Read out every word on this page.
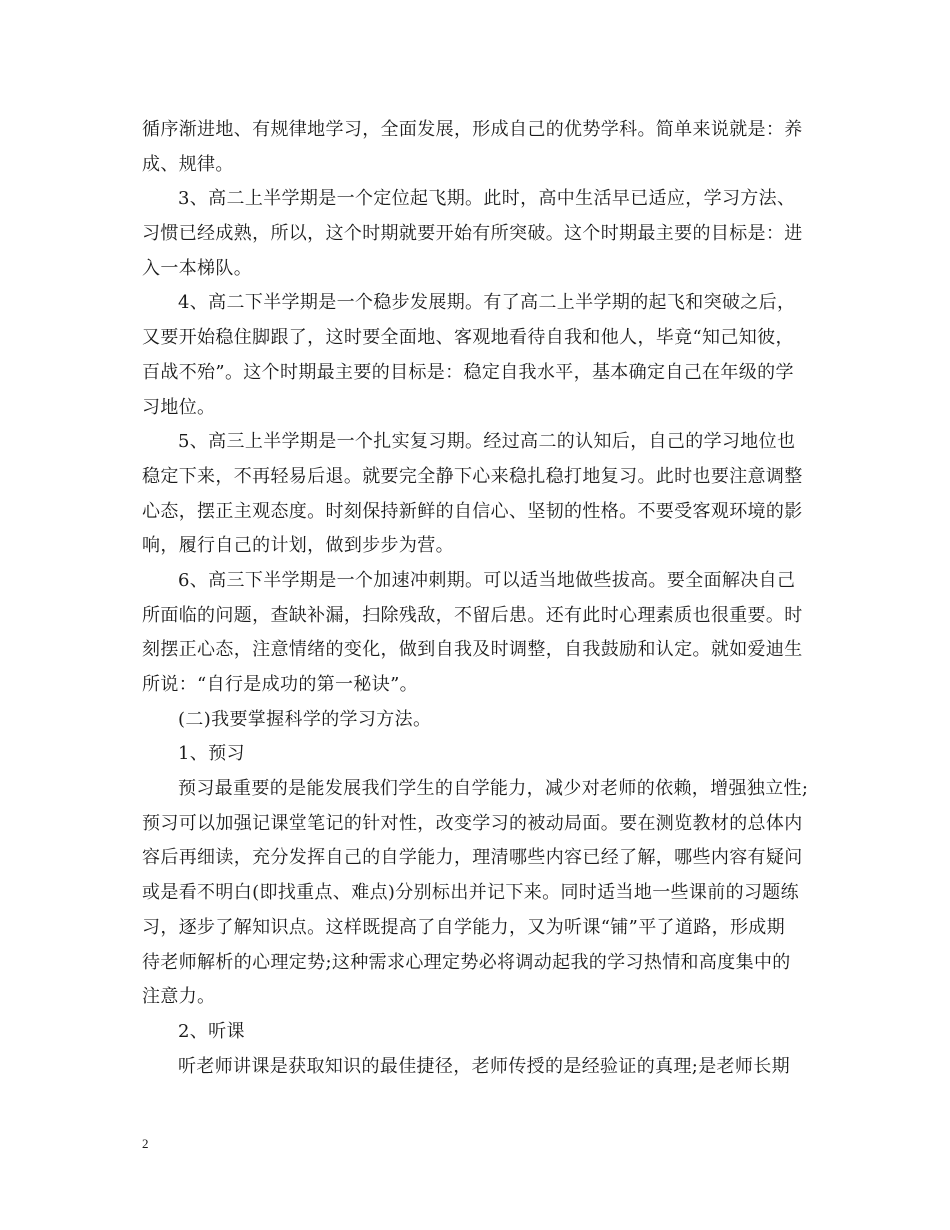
循序渐进地、有规律地学习，全面发展，形成自己的优势学科。简单来说就是：养
成、规律。
3、高二上半学期是一个定位起飞期。此时，高中生活早已适应，学习方法、
习惯已经成熟，所以，这个时期就要开始有所突破。这个时期最主要的目标是：进
入一本梯队。
4、高二下半学期是一个稳步发展期。有了高二上半学期的起飞和突破之后，
又要开始稳住脚跟了，这时要全面地、客观地看待自我和他人，毕竟“知己知彼，
百战不殆”。这个时期最主要的目标是：稳定自我水平，基本确定自己在年级的学
习地位。
5、高三上半学期是一个扎实复习期。经过高二的认知后，自己的学习地位也
稳定下来，不再轻易后退。就要完全静下心来稳扎稳打地复习。此时也要注意调整
心态，摆正主观态度。时刻保持新鲜的自信心、坚韧的性格。不要受客观环境的影
响，履行自己的计划，做到步步为营。
6、高三下半学期是一个加速冲刺期。可以适当地做些拔高。要全面解决自己
所面临的问题，查缺补漏，扫除残敌，不留后患。还有此时心理素质也很重要。时
刻摆正心态，注意情绪的变化，做到自我及时调整，自我鼓励和认定。就如爱迪生
所说：“自行是成功的第一秘诀”。
(二)我要掌握科学的学习方法。
1、预习
预习最重要的是能发展我们学生的自学能力，减少对老师的依赖，增强独立性;
预习可以加强记课堂笔记的针对性，改变学习的被动局面。要在测览教材的总体内
容后再细读，充分发挥自己的自学能力，理清哪些内容已经了解，哪些内容有疑问
或是看不明白(即找重点、难点)分别标出并记下来。同时适当地一些课前的习题练
习，逐步了解知识点。这样既提高了自学能力，又为听课“铺”平了道路，形成期
待老师解析的心理定势;这种需求心理定势必将调动起我的学习热情和高度集中的
注意力。
2、听课
听老师讲课是获取知识的最佳捷径，老师传授的是经验证的真理;是老师长期
2
